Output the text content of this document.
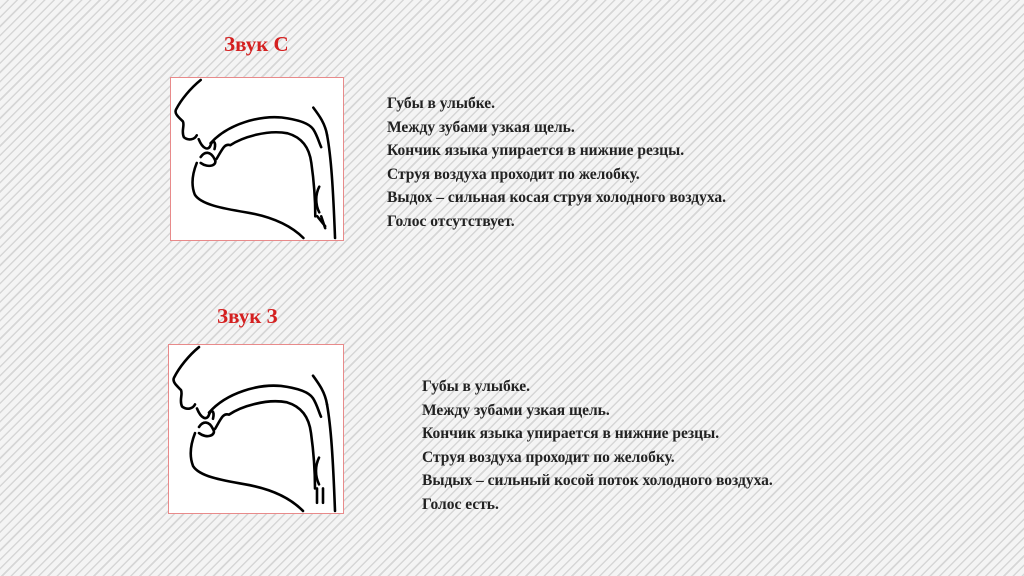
Звук С
Губы в улыбке.
Между зубами узкая щель.
Кончик языка упирается в нижние резцы.
Струя воздуха проходит по желобку.
Выдох – сильная косая струя холодного воздуха.
Голос отсутствует.
Звук З
Губы в улыбке.
Между зубами узкая щель.
Кончик языка упирается в нижние резцы.
Струя воздуха проходит по желобку.
Выдых – сильный косой поток холодного воздуха.
Голос есть.
